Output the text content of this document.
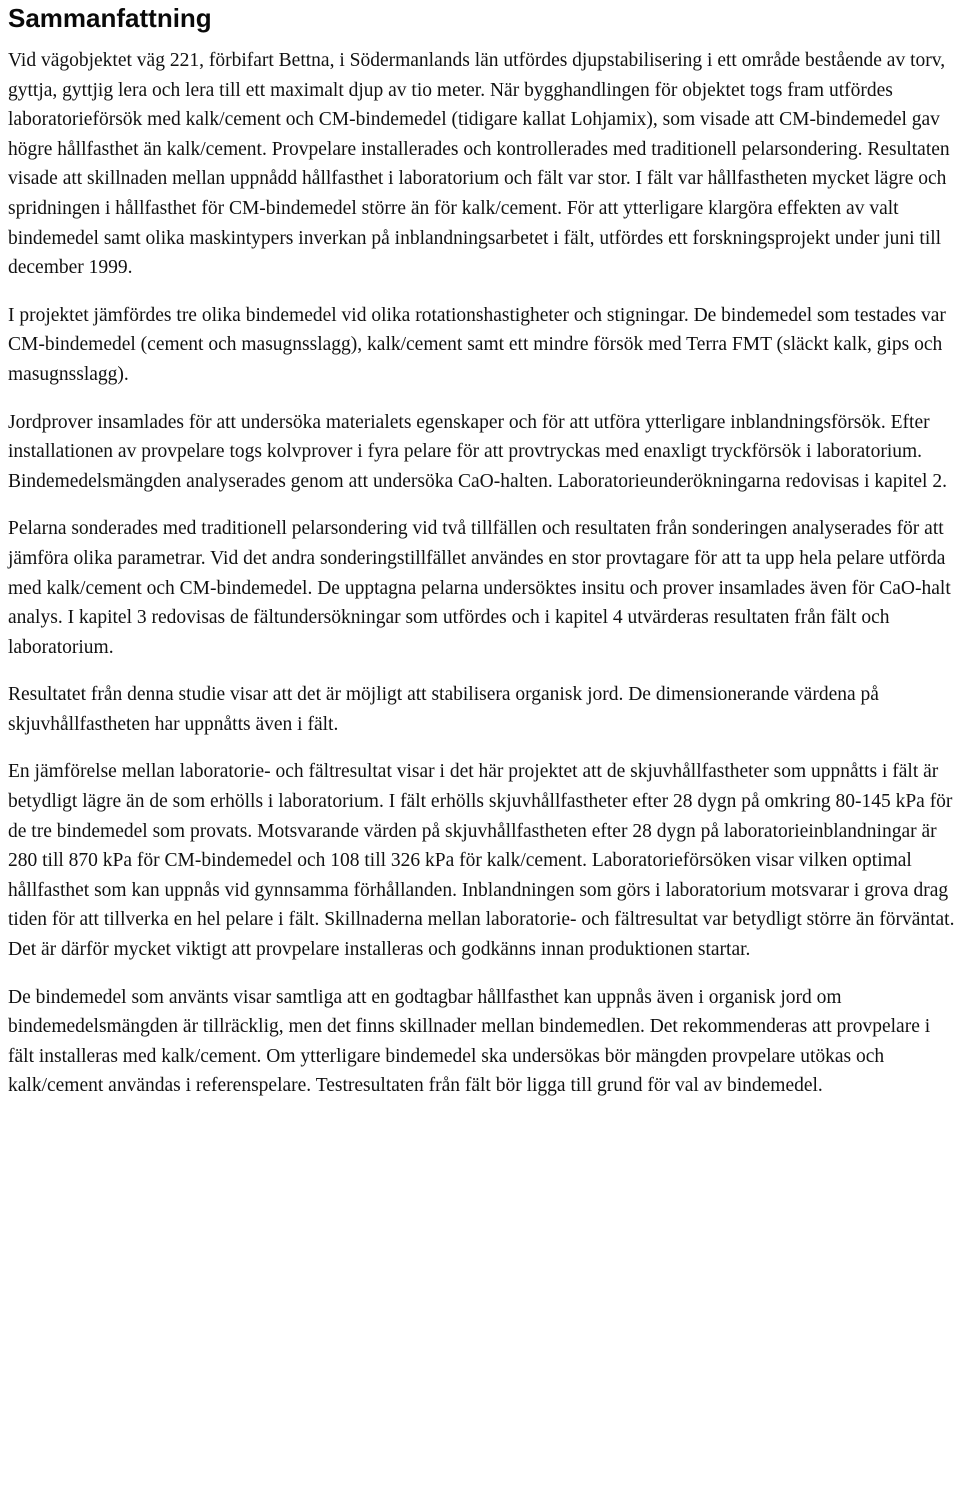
Sammanfattning

Vid vägobjektet väg 221, förbifart Bettna, i Södermanlands län utfördes djupstabilisering i ett område bestående av torv, gyttja, gyttjig lera och lera till ett maximalt djup av tio meter. När bygghandlingen för objektet togs fram utfördes laboratorieförsök med kalk/cement och CM-bindemedel (tidigare kallat Lohjamix), som visade att CM-bindemedel gav högre hållfasthet än kalk/cement. Provpelare installerades och kontrollerades med traditionell pelarsondering. Resultaten visade att skillnaden mellan uppnådd hållfasthet i laboratorium och fält var stor. I fält var hållfastheten mycket lägre och spridningen i hållfasthet för CM-bindemedel större än för kalk/cement. För att ytterligare klargöra effekten av valt bindemedel samt olika maskintypers inverkan på inblandningsarbetet i fält, utfördes ett forskningsprojekt under juni till december 1999.

I projektet jämfördes tre olika bindemedel vid olika rotationshastigheter och stigningar. De bindemedel som testades var CM-bindemedel (cement och masugnsslagg), kalk/cement samt ett mindre försök med Terra FMT (släckt kalk, gips och masugnsslagg).

Jordprover insamlades för att undersöka materialets egenskaper och för att utföra ytterligare inblandningsförsök. Efter installationen av provpelare togs kolvprover i fyra pelare för att provtryckas med enaxligt tryckförsök i laboratorium. Bindemedelsmängden analyserades genom att undersöka CaO-halten. Laboratorieunderökningarna redovisas i kapitel 2.

Pelarna sonderades med traditionell pelarsondering vid två tillfällen och resultaten från sonderingen analyserades för att jämföra olika parametrar. Vid det andra sonderingstillfället användes en stor provtagare för att ta upp hela pelare utförda med kalk/cement och CM-bindemedel. De upptagna pelarna undersöktes insitu och prover insamlades även för CaO-halt analys. I kapitel 3 redovisas de fältundersökningar som utfördes och i kapitel 4 utvärderas resultaten från fält och laboratorium.

Resultatet från denna studie visar att det är möjligt att stabilisera organisk jord. De dimensionerande värdena på skjuvhållfastheten har uppnåtts även i fält.

En jämförelse mellan laboratorie- och fältresultat visar i det här projektet att de skjuvhållfastheter som uppnåtts i fält är betydligt lägre än de som erhölls i laboratorium. I fält erhölls skjuvhållfastheter efter 28 dygn på omkring 80-145 kPa för de tre bindemedel som provats. Motsvarande värden på skjuvhållfastheten efter 28 dygn på laboratorieinblandningar är 280 till 870 kPa för CM-bindemedel och 108 till 326 kPa för kalk/cement. Laboratorieförsöken visar vilken optimal hållfasthet som kan uppnås vid gynnsamma förhållanden. Inblandningen som görs i laboratorium motsvarar i grova drag tiden för att tillverka en hel pelare i fält. Skillnaderna mellan laboratorie- och fältresultat var betydligt större än förväntat. Det är därför mycket viktigt att provpelare installeras och godkänns innan produktionen startar.

De bindemedel som använts visar samtliga att en godtagbar hållfasthet kan uppnås även i organisk jord om bindemedelsmängden är tillräcklig, men det finns skillnader mellan bindemedlen. Det rekommenderas att provpelare i fält installeras med kalk/cement. Om ytterligare bindemedel ska undersökas bör mängden provpelare utökas och kalk/cement användas i referenspelare. Testresultaten från fält bör ligga till grund för val av bindemedel.
